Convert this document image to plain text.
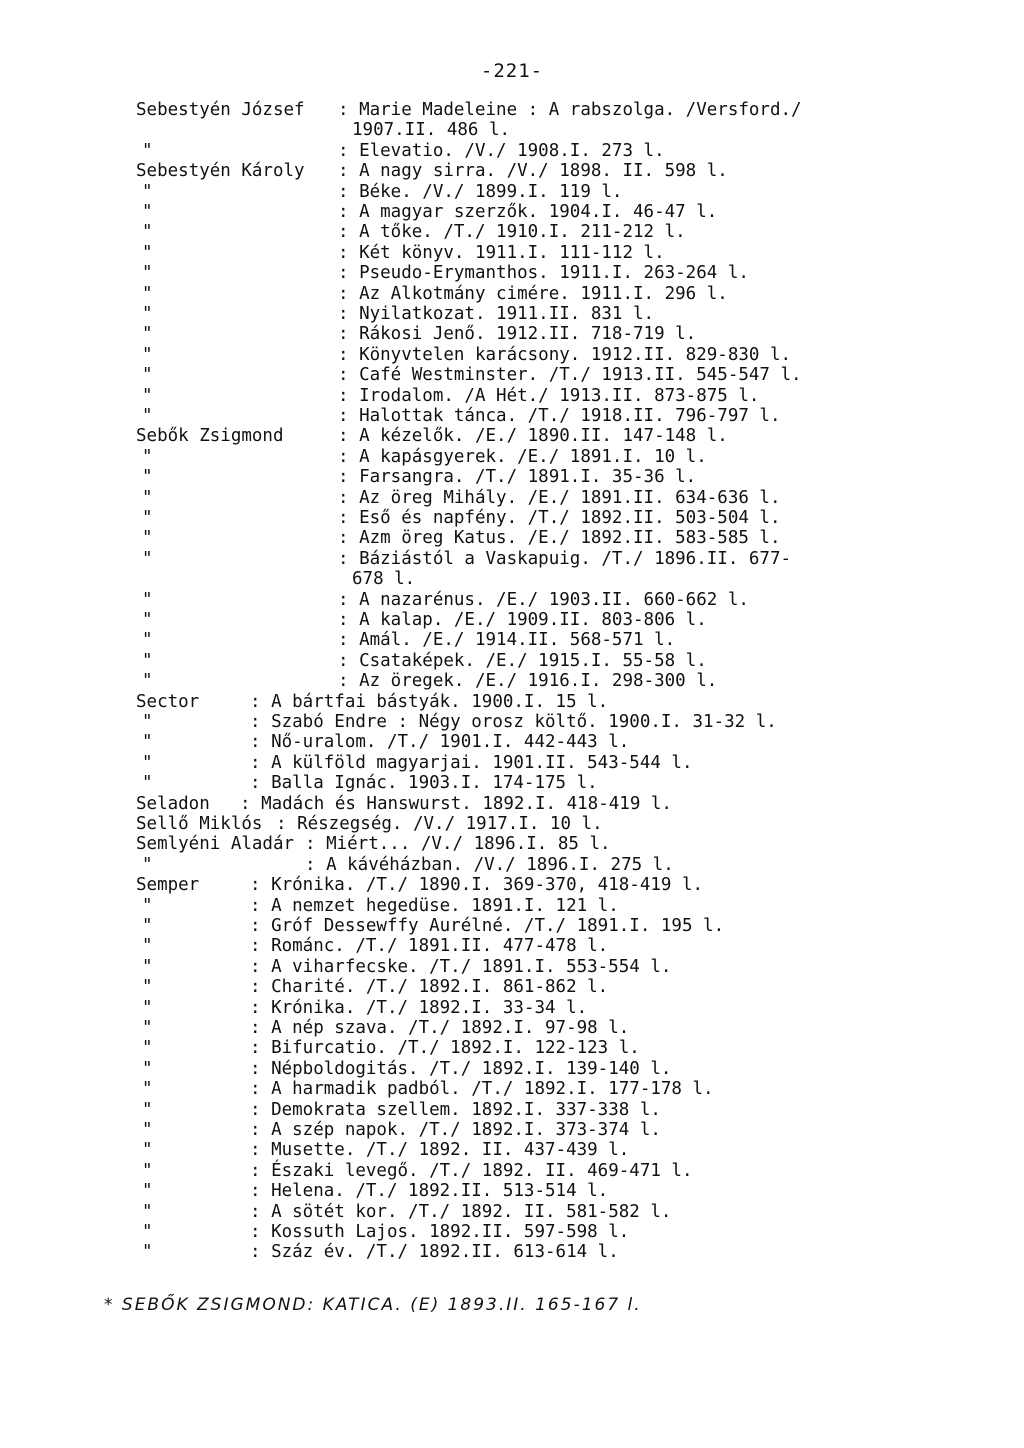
-221-
Sebestyén József : Marie Madeleine : A rabszolga. /Versford./
1907.II. 486 l.
"	: Elevatio. /V./ 1908.I. 273 l.
Sebestyén Károly : A nagy sirra. /V./ 1898. II. 598 l.
"	: Béke. /V./ 1899.I. 119 l.
"	: A magyar szerzők. 1904.I. 46-47 l.
"	: A tőke. /T./ 1910.I. 211-212 l.
"	: Két könyv. 1911.I. 111-112 l.
"	: Pseudo-Erymanthos. 1911.I. 263-264 l.
"	: Az Alkotmány cimére. 1911.I. 296 l.
"	: Nyilatkozat. 1911.II. 831 l.
"	: Rákosi Jenő. 1912.II. 718-719 l.
"	: Könyvtelen karácsony. 1912.II. 829-830 l.
"	: Café Westminster. /T./ 1913.II. 545-547 l.
"	: Irodalom. /A Hét./ 1913.II. 873-875 l.
"	: Halottak tánca. /T./ 1918.II. 796-797 l.
Sebők Zsigmond	: A kézelők. /E./ 1890.II. 147-148 l.
"	: A kapásgyerek. /E./ 1891.I. 10 l.
"	: Farsangra. /T./ 1891.I. 35-36 l.
"	: Az öreg Mihály. /E./ 1891.II. 634-636 l.
"	: Eső és napfény. /T./ 1892.II. 503-504 l.
"	: Azm öreg Katus. /E./ 1892.II. 583-585 l.
"	: Báziástól a Vaskapuig. /T./ 1896.II. 677-
678 l.
"	: A nazarénus. /E./ 1903.II. 660-662 l.
"	: A kalap. /E./ 1909.II. 803-806 l.
"	: Amál. /E./ 1914.II. 568-571 l.
"	: Csataképek. /E./ 1915.I. 55-58 l.
"	: Az öregek. /E./ 1916.I. 298-300 l.
Sector	: A bártfai bástyák. 1900.I. 15 l.
"	: Szabó Endre : Négy orosz költő. 1900.I. 31-32 l.
"	: Nő-uralom. /T./ 1901.I. 442-443 l.
"	: A külföld magyarjai. 1901.II. 543-544 l.
"	: Balla Ignác. 1903.I. 174-175 l.
Seladon : Madách és Hanswurst. 1892.I. 418-419 l.
Sellő Miklós : Részegség. /V./ 1917.I. 10 l.
Semlyéni Aladár : Miért... /V./ 1896.I. 85 l.
"	: A kávéházban. /V./ 1896.I. 275 l.
Semper	: Krónika. /T./ 1890.I. 369-370, 418-419 l.
"	: A nemzet hegedüse. 1891.I. 121 l.
"	: Gróf Dessewffy Aurélné. /T./ 1891.I. 195 l.
"	: Románc. /T./ 1891.II. 477-478 l.
"	: A viharfecske. /T./ 1891.I. 553-554 l.
"	: Charité. /T./ 1892.I. 861-862 l.
"	: Krónika. /T./ 1892.I. 33-34 l.
"	: A nép szava. /T./ 1892.I. 97-98 l.
"	: Bifurcatio. /T./ 1892.I. 122-123 l.
"	: Népboldogitás. /T./ 1892.I. 139-140 l.
"	: A harmadik padból. /T./ 1892.I. 177-178 l.
"	: Demokrata szellem. 1892.I. 337-338 l.
"	: A szép napok. /T./ 1892.I. 373-374 l.
"	: Musette. /T./ 1892. II. 437-439 l.
"	: Északi levegő. /T./ 1892. II. 469-471 l.
"	: Helena. /T./ 1892.II. 513-514 l.
"	: A sötét kor. /T./ 1892. II. 581-582 l.
"	: Kossuth Lajos. 1892.II. 597-598 l.
"	: Száz év. /T./ 1892.II. 613-614 l.
* SEBŐK ZSIGMOND: KATICA. (E) 1893.II. 165-167 l.
